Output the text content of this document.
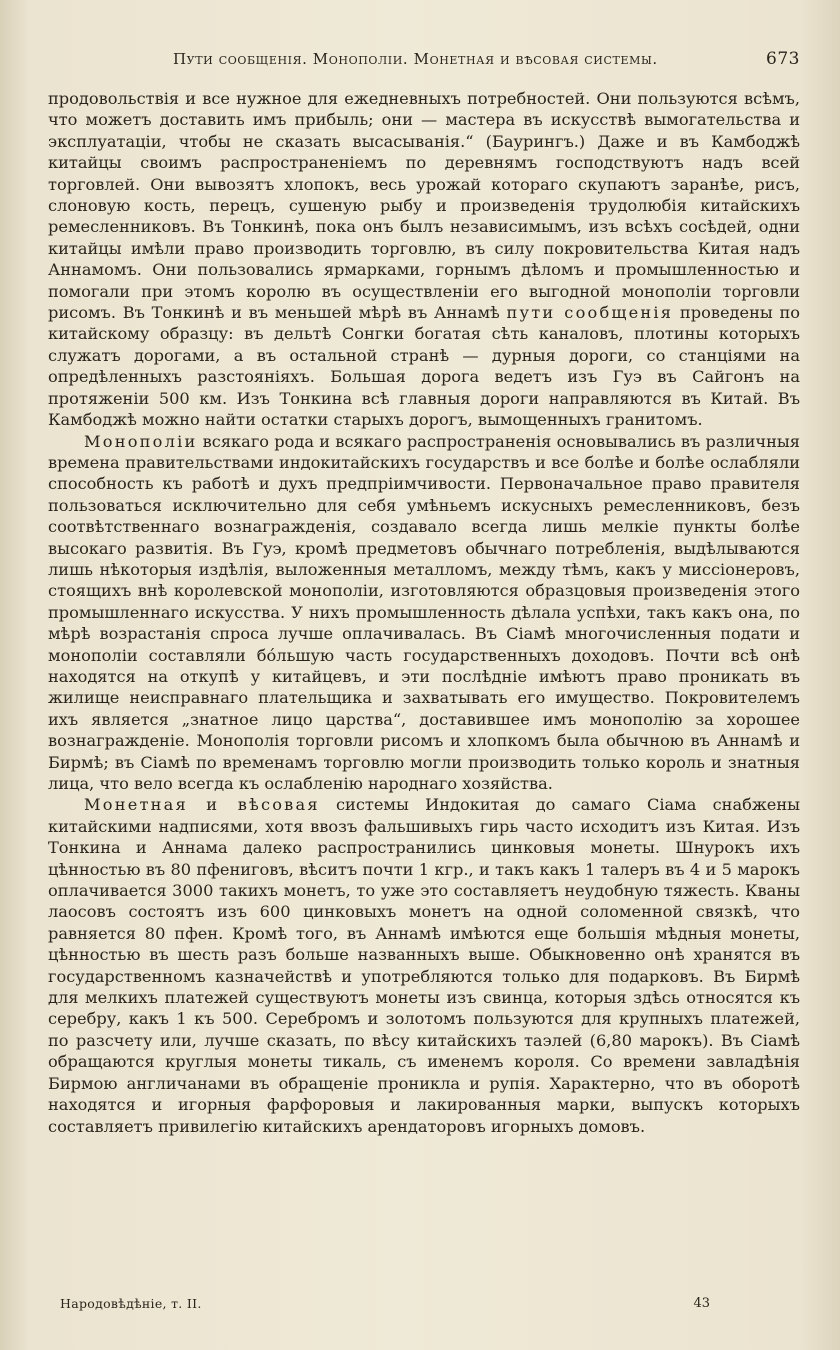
Пути сообщенія. Монополіи. Монетная и вѣсовая системы.	673

продовольствія и все нужное для ежедневныхъ потребностей. Они пользуются всѣмъ, что можетъ доставить имъ прибыль; они — мастера въ искусствѣ вымогательства и эксплуатаціи, чтобы не сказать высасыванія.“ (Баурингъ.) Даже и въ Камбоджѣ китайцы своимъ распространеніемъ по деревнямъ господствуютъ надъ всей торговлей. Они вывозятъ хлопокъ, весь урожай котораго скупаютъ заранѣе, рисъ, слоновую кость, перецъ, сушеную рыбу и произведенія трудолюбія китайскихъ ремесленниковъ. Въ Тонкинѣ, пока онъ былъ независимымъ, изъ всѣхъ сосѣдей, одни китайцы имѣли право производить торговлю, въ силу покровительства Китая надъ Аннамомъ. Они пользовались ярмарками, горнымъ дѣломъ и промышленностью и помогали при этомъ королю въ осуществленіи его выгодной монополіи торговли рисомъ. Въ Тонкинѣ и въ меньшей мѣрѣ въ Аннамѣ пути сообщенія проведены по китайскому образцу: въ дельтѣ Сонгки богатая сѣть каналовъ, плотины которыхъ служатъ дорогами, а въ остальной странѣ — дурныя дороги, со станціями на опредѣленныхъ разстояніяхъ. Большая дорога ведетъ изъ Гуэ въ Сайгонъ на протяженіи 500 км. Изъ Тонкина всѣ главныя дороги направляются въ Китай. Въ Камбоджѣ можно найти остатки старыхъ дорогъ, вымощенныхъ гранитомъ.

Монополіи всякаго рода и всякаго распространенія основывались въ различныя времена правительствами индокитайскихъ государствъ и все болѣе и болѣе ослабляли способность къ работѣ и духъ предпріимчивости. Первоначальное право правителя пользоваться исключительно для себя умѣньемъ искусныхъ ремесленниковъ, безъ соотвѣтственнаго вознагражденія, создавало всегда лишь мелкіе пункты болѣе высокаго развитія. Въ Гуэ, кромѣ предметовъ обычнаго потребленія, выдѣлываются лишь нѣкоторыя издѣлія, выложенныя металломъ, между тѣмъ, какъ у миссіонеровъ, стоящихъ внѣ королевской монополіи, изготовляются образцовыя произведенія этого промышленнаго искусства. У нихъ промышленность дѣлала успѣхи, такъ какъ она, по мѣрѣ возрастанія спроса лучше оплачивалась. Въ Сіамѣ многочисленныя подати и монополіи составляли бо́льшую часть государственныхъ доходовъ. Почти всѣ онѣ находятся на откупѣ у китайцевъ, и эти послѣдніе имѣютъ право проникать въ жилище неисправнаго плательщика и захватывать его имущество. Покровителемъ ихъ является „знатное лицо царства“, доставившее имъ монополію за хорошее вознагражденіе. Монополія торговли рисомъ и хлопкомъ была обычною въ Аннамѣ и Бирмѣ; въ Сіамѣ по временамъ торговлю могли производить только король и знатныя лица, что вело всегда къ ослабленію народнаго хозяйства.

Монетная и вѣсовая системы Индокитая до самаго Сіама снабжены китайскими надписями, хотя ввозъ фальшивыхъ гирь часто исходитъ изъ Китая. Изъ Тонкина и Аннама далеко распространились цинковыя монеты. Шнурокъ ихъ цѣнностью въ 80 пфениговъ, вѣситъ почти 1 кгр., и такъ какъ 1 талеръ въ 4 и 5 марокъ оплачивается 3000 такихъ монетъ, то уже это составляетъ неудобную тяжесть. Кваны лаосовъ состоятъ изъ 600 цинковыхъ монетъ на одной соломенной связкѣ, что равняется 80 пфен. Кромѣ того, въ Аннамѣ имѣются еще большія мѣдныя монеты, цѣнностью въ шесть разъ больше названныхъ выше. Обыкновенно онѣ хранятся въ государственномъ казначействѣ и употребляются только для подарковъ. Въ Бирмѣ для мелкихъ платежей существуютъ монеты изъ свинца, которыя здѣсь относятся къ серебру, какъ 1 къ 500. Серебромъ и золотомъ пользуются для крупныхъ платежей, по разсчету или, лучше сказать, по вѣсу китайскихъ таэлей (6,80 марокъ). Въ Сіамѣ обращаются круглыя монеты тикаль, съ именемъ короля. Со времени завладѣнія Бирмою англичанами въ обращеніе проникла и рупія. Характерно, что въ оборотѣ находятся и игорныя фарфоровыя и лакированныя марки, выпускъ которыхъ составляетъ привилегію китайскихъ арендаторовъ игорныхъ домовъ.

Народовѣдѣніе, т. II.	43
